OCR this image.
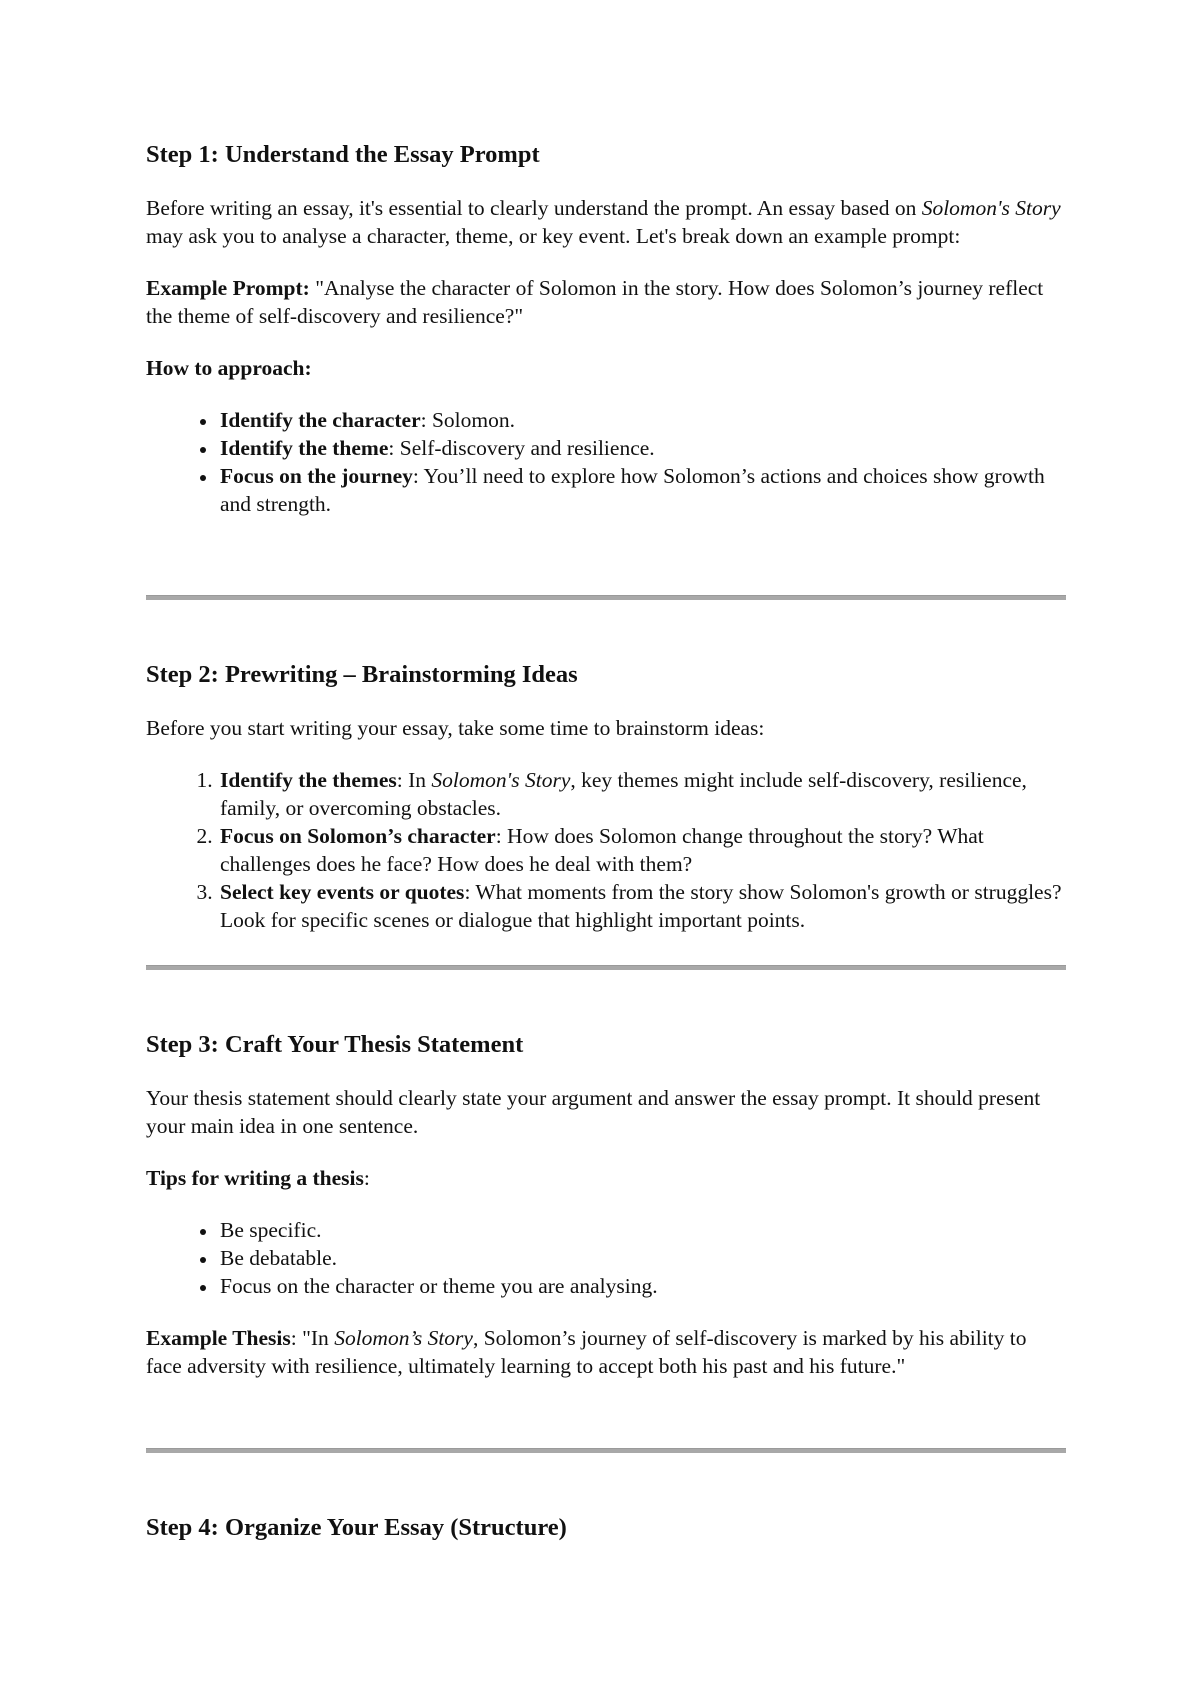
Step 1: Understand the Essay Prompt

Before writing an essay, it's essential to clearly understand the prompt. An essay based on Solomon's Story may ask you to analyse a character, theme, or key event. Let's break down an example prompt:

Example Prompt: "Analyse the character of Solomon in the story. How does Solomon’s journey reflect the theme of self-discovery and resilience?"

How to approach:

• Identify the character: Solomon.
• Identify the theme: Self-discovery and resilience.
• Focus on the journey: You’ll need to explore how Solomon’s actions and choices show growth and strength.
Step 2: Prewriting – Brainstorming Ideas

Before you start writing your essay, take some time to brainstorm ideas:

1. Identify the themes: In Solomon's Story, key themes might include self-discovery, resilience, family, or overcoming obstacles.
2. Focus on Solomon’s character: How does Solomon change throughout the story? What challenges does he face? How does he deal with them?
3. Select key events or quotes: What moments from the story show Solomon's growth or struggles? Look for specific scenes or dialogue that highlight important points.
Step 3: Craft Your Thesis Statement

Your thesis statement should clearly state your argument and answer the essay prompt. It should present your main idea in one sentence.

Tips for writing a thesis:

• Be specific.
• Be debatable.
• Focus on the character or theme you are analysing.

Example Thesis: "In Solomon’s Story, Solomon’s journey of self-discovery is marked by his ability to face adversity with resilience, ultimately learning to accept both his past and his future."

Step 4: Organize Your Essay (Structure)
